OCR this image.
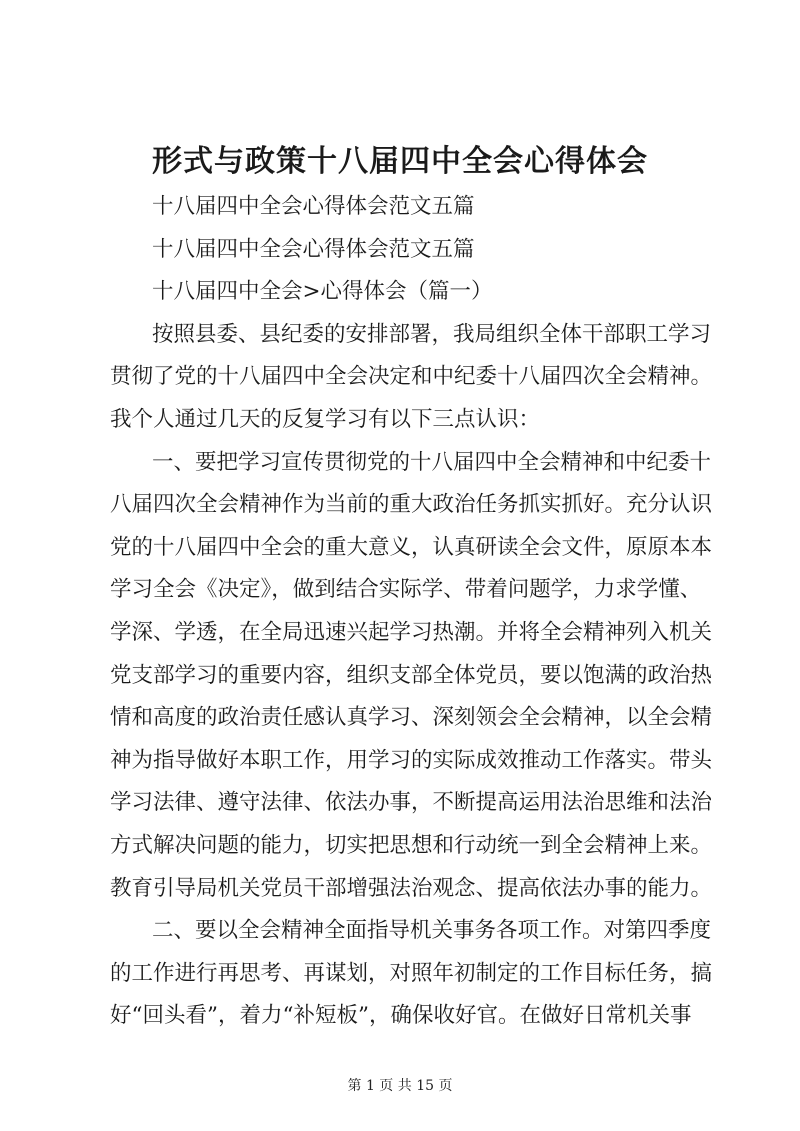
形式与政策十八届四中全会心得体会

十八届四中全会心得体会范文五篇

十八届四中全会心得体会范文五篇

十八届四中全会>心得体会（篇一）

按照县委、县纪委的安排部署，我局组织全体干部职工学习

贯彻了党的十八届四中全会决定和中纪委十八届四次全会精神。

我个人通过几天的反复学习有以下三点认识：

一、要把学习宣传贯彻党的十八届四中全会精神和中纪委十

八届四次全会精神作为当前的重大政治任务抓实抓好。充分认识

党的十八届四中全会的重大意义，认真研读全会文件，原原本本

学习全会《决定》，做到结合实际学、带着问题学，力求学懂、

学深、学透，在全局迅速兴起学习热潮。并将全会精神列入机关

党支部学习的重要内容，组织支部全体党员，要以饱满的政治热

情和高度的政治责任感认真学习、深刻领会全会精神，以全会精

神为指导做好本职工作，用学习的实际成效推动工作落实。带头

学习法律、遵守法律、依法办事，不断提高运用法治思维和法治

方式解决问题的能力，切实把思想和行动统一到全会精神上来。

教育引导局机关党员干部增强法治观念、提高依法办事的能力。

二、要以全会精神全面指导机关事务各项工作。对第四季度

的工作进行再思考、再谋划，对照年初制定的工作目标任务，搞

好“回头看”，着力“补短板”，确保收好官。在做好日常机关事

第 1 页 共 15 页
